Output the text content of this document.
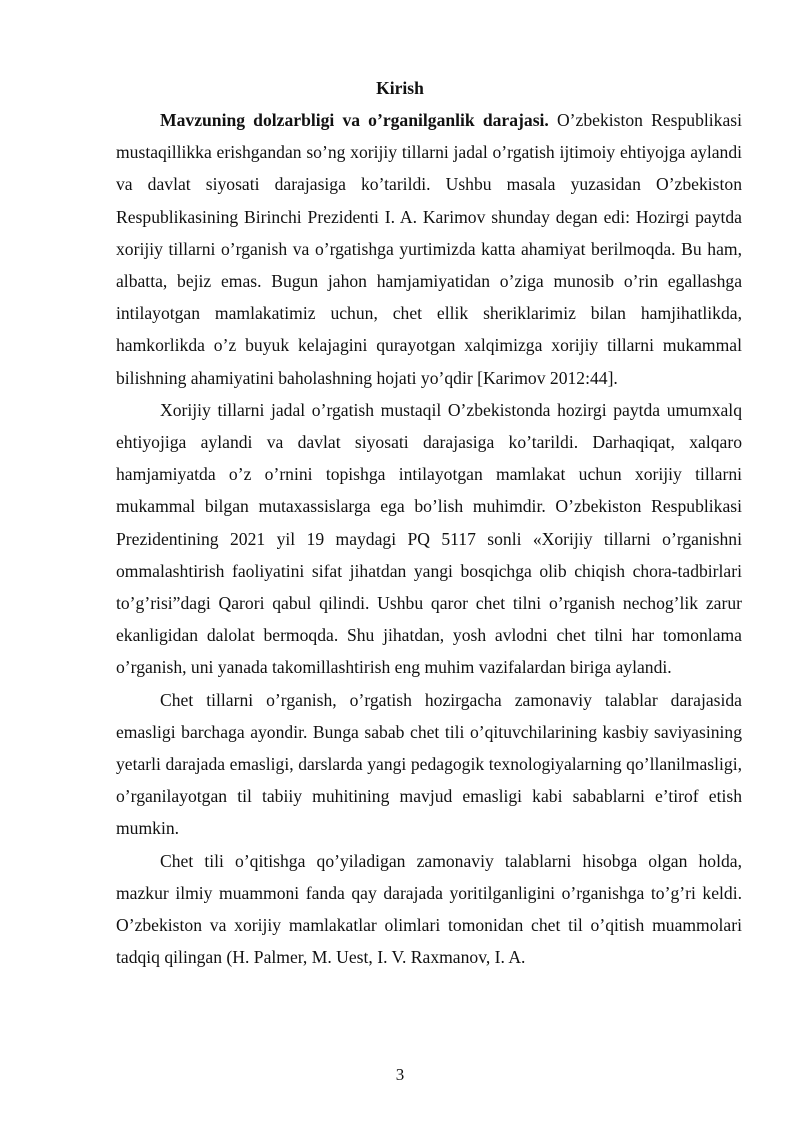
Kirish

Mavzuning dolzarbligi va o’rganilganlik darajasi. O’zbekiston Respublikasi mustaqillikka erishgandan so’ng xorijiy tillarni jadal o’rgatish ijtimoiy ehtiyojga aylandi va davlat siyosati darajasiga ko’tarildi. Ushbu masala yuzasidan O’zbekiston Respublikasining Birinchi Prezidenti I. A. Karimov shunday degan edi: Hozirgi paytda xorijiy tillarni o’rganish va o’rgatishga yurtimizda katta ahamiyat berilmoqda. Bu ham, albatta, bejiz emas. Bugun jahon hamjamiyatidan o’ziga munosib o’rin egallashga intilayotgan mamlakatimiz uchun, chet ellik sheriklarimiz bilan hamjihatlikda, hamkorlikda o’z buyuk kelajagini qurayotgan xalqimizga xorijiy tillarni mukammal bilishning ahamiyatini baholashning hojati yo’qdir [Karimov 2012:44].

Xorijiy tillarni jadal o’rgatish mustaqil O’zbekistonda hozirgi paytda umumxalq ehtiyojiga aylandi va davlat siyosati darajasiga ko’tarildi. Darhaqiqat, xalqaro hamjamiyatda o’z o’rnini topishga intilayotgan mamlakat uchun xorijiy tillarni mukammal bilgan mutaxassislarga ega bo’lish muhimdir. O’zbekiston Respublikasi Prezidentining 2021 yil 19 maydagi PQ 5117 sonli «Xorijiy tillarni o’rganishni ommalashtirish faoliyatini sifat jihatdan yangi bosqichga olib chiqish chora-tadbirlari to’g’risi”dagi Qarori qabul qilindi. Ushbu qaror chet tilni o’rganish nechog’lik zarur ekanligidan dalolat bermoqda. Shu jihatdan, yosh avlodni chet tilni har tomonlama o’rganish, uni yanada takomillashtirish eng muhim vazifalardan biriga aylandi.

Chet tillarni o’rganish, o’rgatish hozirgacha zamonaviy talablar darajasida emasligi barchaga ayondir. Bunga sabab chet tili o’qituvchilarining kasbiy saviyasining yetarli darajada emasligi, darslarda yangi pedagogik texnologiyalarning qo’llanilmasligi, o’rganilayotgan til tabiiy muhitining mavjud emasligi kabi sabablarni e’tirof etish mumkin.

Chet tili o’qitishga qo’yiladigan zamonaviy talablarni hisobga olgan holda, mazkur ilmiy muammoni fanda qay darajada yoritilganligini o’rganishga to’g’ri keldi. O’zbekiston va xorijiy mamlakatlar olimlari tomonidan chet til o’qitish muammolari tadqiq qilingan (H. Palmer, M. Uest, I. V. Raxmanov, I. A.

3
